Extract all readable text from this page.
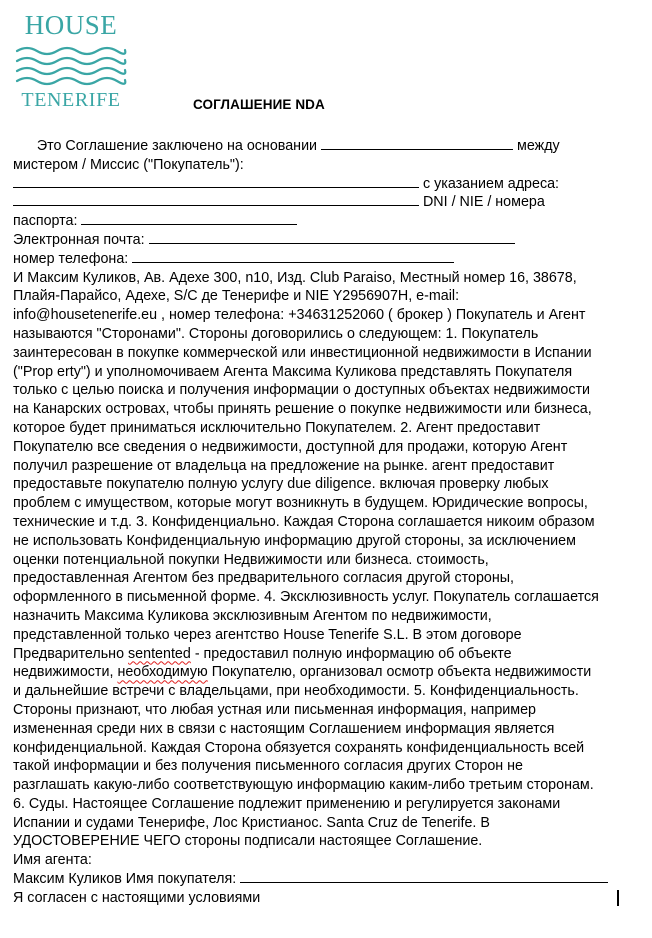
HOUSE
TENERIFE	СОГЛАШЕНИЕ NDA
Это Соглашение заключено на основании	между
мистером / Миссис ("Покупатель"):
с указанием адреса:
DNI / NIE / номера
паспорта:
Электронная почта:
номер телефона:
И Максим Куликов, Ав. Адехе 300, n10, Изд. Club Paraiso, Местный номер 16, 38678,
Плайя-Парайсо, Адехе, S/C де Тенерифе и NIE Y2956907H, e-mail:
info@housetenerife.eu , номер телефона: +34631252060 ( брокер ) Покупатель и Агент
называются "Сторонами". Стороны договорились о следующем: 1. Покупатель
заинтересован в покупке коммерческой или инвестиционной недвижимости в Испании
("Prop erty") и уполномочиваем Агента Максима Куликова представлять Покупателя
только с целью поиска и получения информации о доступных объектах недвижимости
на Канарских островах, чтобы принять решение о покупке недвижимости или бизнеса,
которое будет приниматься исключительно Покупателем. 2. Агент предоставит
Покупателю все сведения о недвижимости, доступной для продажи, которую Агент
получил разрешение от владельца на предложение на рынке. агент предоставит
предоставьте покупателю полную услугу due diligence. включая проверку любых
проблем с имуществом, которые могут возникнуть в будущем. Юридические вопросы,
технические и т.д. 3. Конфиденциально. Каждая Сторона соглашается никоим образом
не использовать Конфиденциальную информацию другой стороны, за исключением
оценки потенциальной покупки Недвижимости или бизнеса. стоимость,
предоставленная Агентом без предварительного согласия другой стороны,
оформленного в письменной форме. 4. Эксклюзивность услуг. Покупатель соглашается
назначить Максима Куликова эксклюзивным Агентом по недвижимости,
представленной только через агентство House Tenerife S.L. В этом договоре
Предварительно sentented - предоставил полную информацию об объекте
недвижимости, необходимую Покупателю, организовал осмотр объекта недвижимости
и дальнейшие встречи с владельцами, при необходимости. 5. Конфиденциальность.
Стороны признают, что любая устная или письменная информация, например
измененная среди них в связи с настоящим Соглашением информация является
конфиденциальной. Каждая Сторона обязуется сохранять конфиденциальность всей
такой информации и без получения письменного согласия других Сторон не
разглашать какую-либо соответствующую информацию каким-либо третьим сторонам.
6. Суды. Настоящее Соглашение подлежит применению и регулируется законами
Испании и судами Тенерифе, Лос Кристианос. Santa Cruz de Tenerife. В
УДОСТОВЕРЕНИЕ ЧЕГО стороны подписали настоящее Соглашение.
Имя агента:
Максим Куликов Имя покупателя:
Я согласен с настоящими условиями
